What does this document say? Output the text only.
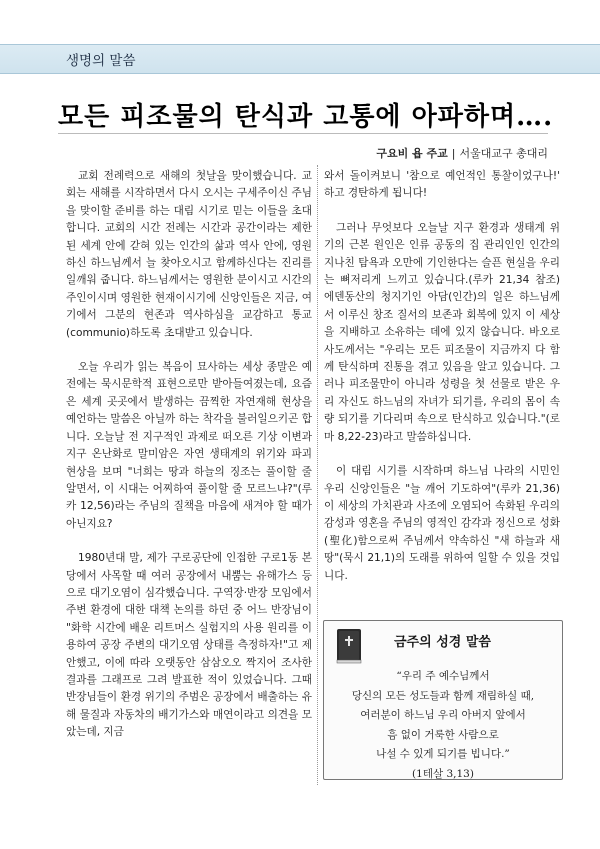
생명의 말씀
모든 피조물의 탄식과 고통에 아파하며….
구요비 욥 주교 | 서울대교구 총대리

교회 전례력으로 새해의 첫날을 맞이했습니다. 교회는 새해를 시작하면서 다시 오시는 구세주이신 주님을 맞이할 준비를 하는 대림 시기로 믿는 이들을 초대합니다. 교회의 시간 전례는 시간과 공간이라는 제한된 세계 안에 갇혀 있는 인간의 삶과 역사 안에, 영원하신 하느님께서 늘 찾아오시고 함께하신다는 진리를 일깨워 줍니다. 하느님께서는 영원한 분이시고 시간의 주인이시며 영원한 현재이시기에 신앙인들은 지금, 여기에서 그분의 현존과 역사하심을 교감하고 통교(communio)하도록 초대받고 있습니다.

오늘 우리가 읽는 복음이 묘사하는 세상 종말은 예전에는 묵시문학적 표현으로만 받아들여졌는데, 요즘은 세계 곳곳에서 발생하는 끔찍한 자연재해 현상을 예언하는 말씀은 아닐까 하는 착각을 불러일으키곤 합니다. 오늘날 전 지구적인 과제로 떠오른 기상 이변과 지구 온난화로 말미암은 자연 생태계의 위기와 파괴 현상을 보며 "너희는 땅과 하늘의 징조는 풀이할 줄 알면서, 이 시대는 어찌하여 풀이할 줄 모르느냐?"(루카 12,56)라는 주님의 질책을 마음에 새겨야 할 때가 아닌지요?

1980년대 말, 제가 구로공단에 인접한 구로1동 본당에서 사목할 때 여러 공장에서 내뿜는 유해가스 등으로 대기오염이 심각했습니다. 구역장·반장 모임에서 주변 환경에 대한 대책 논의를 하던 중 어느 반장님이 "화학 시간에 배운 리트머스 실험지의 사용 원리를 이용하여 공장 주변의 대기오염 상태를 측정하자!"고 제안했고, 이에 따라 오랫동안 삼삼오오 짝지어 조사한 결과를 그래프로 그려 발표한 적이 있었습니다. 그때 반장님들이 환경 위기의 주범은 공장에서 배출하는 유해 물질과 자동차의 배기가스와 매연이라고 의견을 모았는데, 지금

와서 돌이켜보니 '참으로 예언적인 통찰이었구나!' 하고 경탄하게 됩니다!

그러나 무엇보다 오늘날 지구 환경과 생태계 위기의 근본 원인은 인류 공동의 집 관리인인 인간의 지나친 탐욕과 오만에 기인한다는 슬픈 현실을 우리는 뼈저리게 느끼고 있습니다.(루카 21,34 참조) 에덴동산의 청지기인 아담(인간)의 일은 하느님께서 이루신 창조 질서의 보존과 회복에 있지 이 세상을 지배하고 소유하는 데에 있지 않습니다. 바오로 사도께서는 "우리는 모든 피조물이 지금까지 다 함께 탄식하며 진통을 겪고 있음을 알고 있습니다. 그러나 피조물만이 아니라 성령을 첫 선물로 받은 우리 자신도 하느님의 자녀가 되기를, 우리의 몸이 속량 되기를 기다리며 속으로 탄식하고 있습니다."(로마 8,22-23)라고 말씀하십니다.

이 대림 시기를 시작하며 하느님 나라의 시민인 우리 신앙인들은 "늘 깨어 기도하여"(루카 21,36) 이 세상의 가치관과 사조에 오염되어 속화된 우리의 감성과 영혼을 주님의 영적인 감각과 정신으로 성화(聖化)함으로써 주님께서 약속하신 "새 하늘과 새 땅"(묵시 21,1)의 도래를 위하여 일할 수 있을 것입니다.

금주의 성경 말씀
“우리 주 예수님께서
당신의 모든 성도들과 함께 재림하실 때,
여러분이 하느님 우리 아버지 앞에서
흠 없이 거룩한 사람으로
나설 수 있게 되기를 빕니다.”
(1테살 3,13)
